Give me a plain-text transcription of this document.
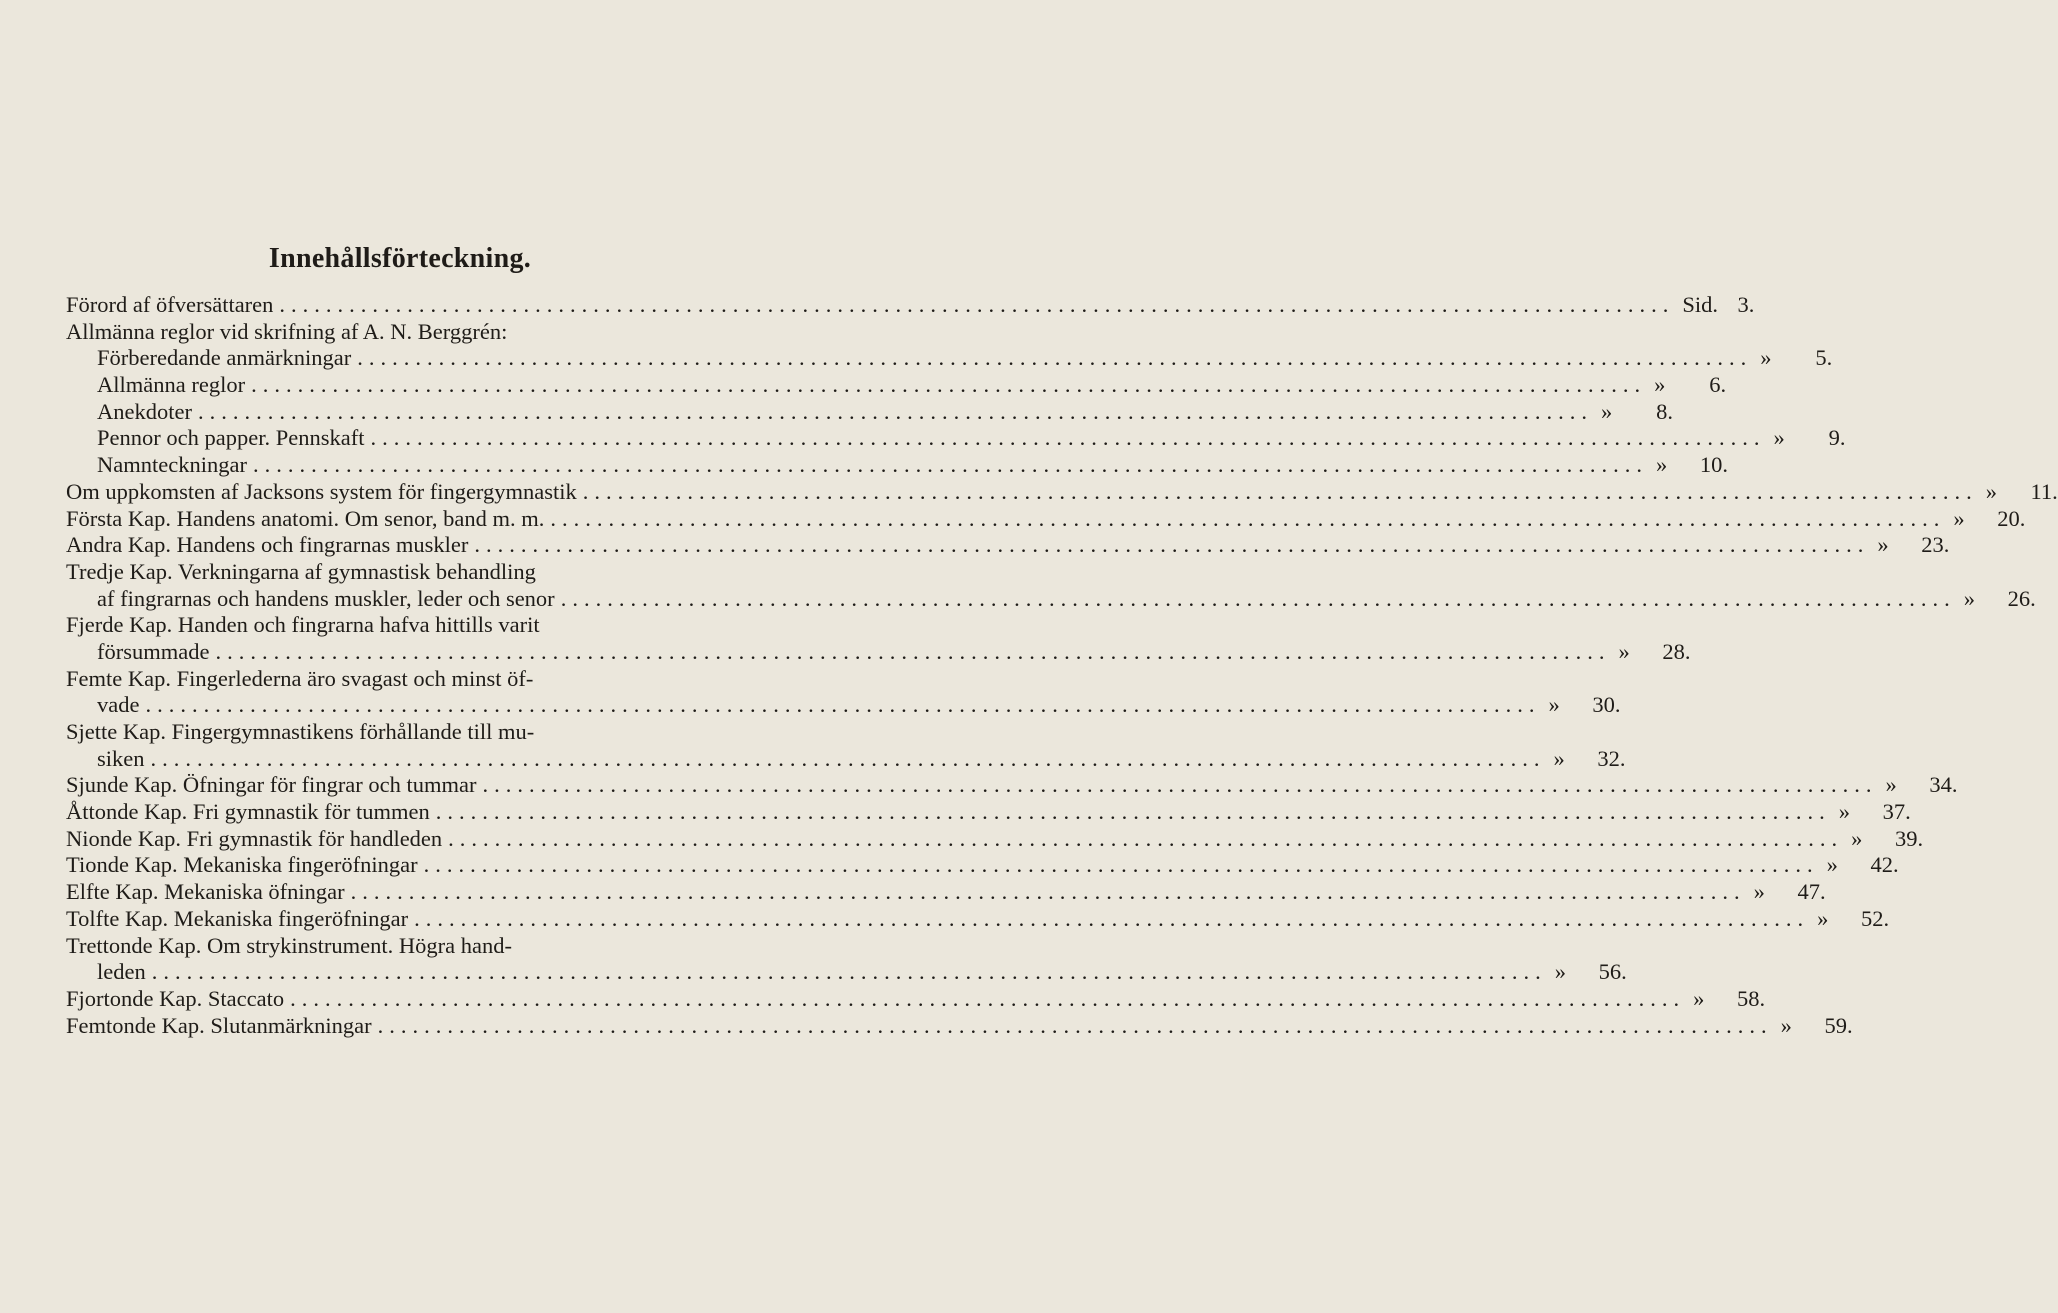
Innehållsförteckning.
Förord af öfversättaren ........................................................................................................................ Sid. 3.
Allmänna reglor vid skrifning af A. N. Berggrén:
Förberedande anmärkningar ........................................................................................................................ »	5.
Allmänna reglor ........................................................................................................................ »	6.
Anekdoter ........................................................................................................................ »	8.
Pennor och papper. Pennskaft ........................................................................................................................ »	9.
Namnteckningar ........................................................................................................................ »	10.
Om uppkomsten af Jacksons system för fingergymnastik ........................................................................................................................ »	11.
Första Kap. Handens anatomi. Om senor, band m. m. ........................................................................................................................ »	20.
Andra Kap. Handens och fingrarnas muskler ........................................................................................................................ »	23.
Tredje Kap. Verkningarna af gymnastisk behandling
af fingrarnas och handens muskler, leder och senor ........................................................................................................................ »	26.
Fjerde Kap. Handen och fingrarna hafva hittills varit
försummade ........................................................................................................................ »	28.
Femte Kap. Fingerlederna äro svagast och minst öf-
vade ........................................................................................................................ »	30.
Sjette Kap. Fingergymnastikens förhållande till mu-
siken ........................................................................................................................ »	32.
Sjunde Kap. Öfningar för fingrar och tummar ........................................................................................................................ »	34.
Åttonde Kap. Fri gymnastik för tummen ........................................................................................................................ »	37.
Nionde Kap. Fri gymnastik för handleden ........................................................................................................................ »	39.
Tionde Kap. Mekaniska fingeröfningar ........................................................................................................................ »	42.
Elfte Kap. Mekaniska öfningar ........................................................................................................................ »	47.
Tolfte Kap. Mekaniska fingeröfningar ........................................................................................................................ »	52.
Trettonde Kap. Om strykinstrument. Högra hand-
leden ........................................................................................................................ »	56.
Fjortonde Kap. Staccato ........................................................................................................................ »	58.
Femtonde Kap. Slutanmärkningar ........................................................................................................................ »	59.
